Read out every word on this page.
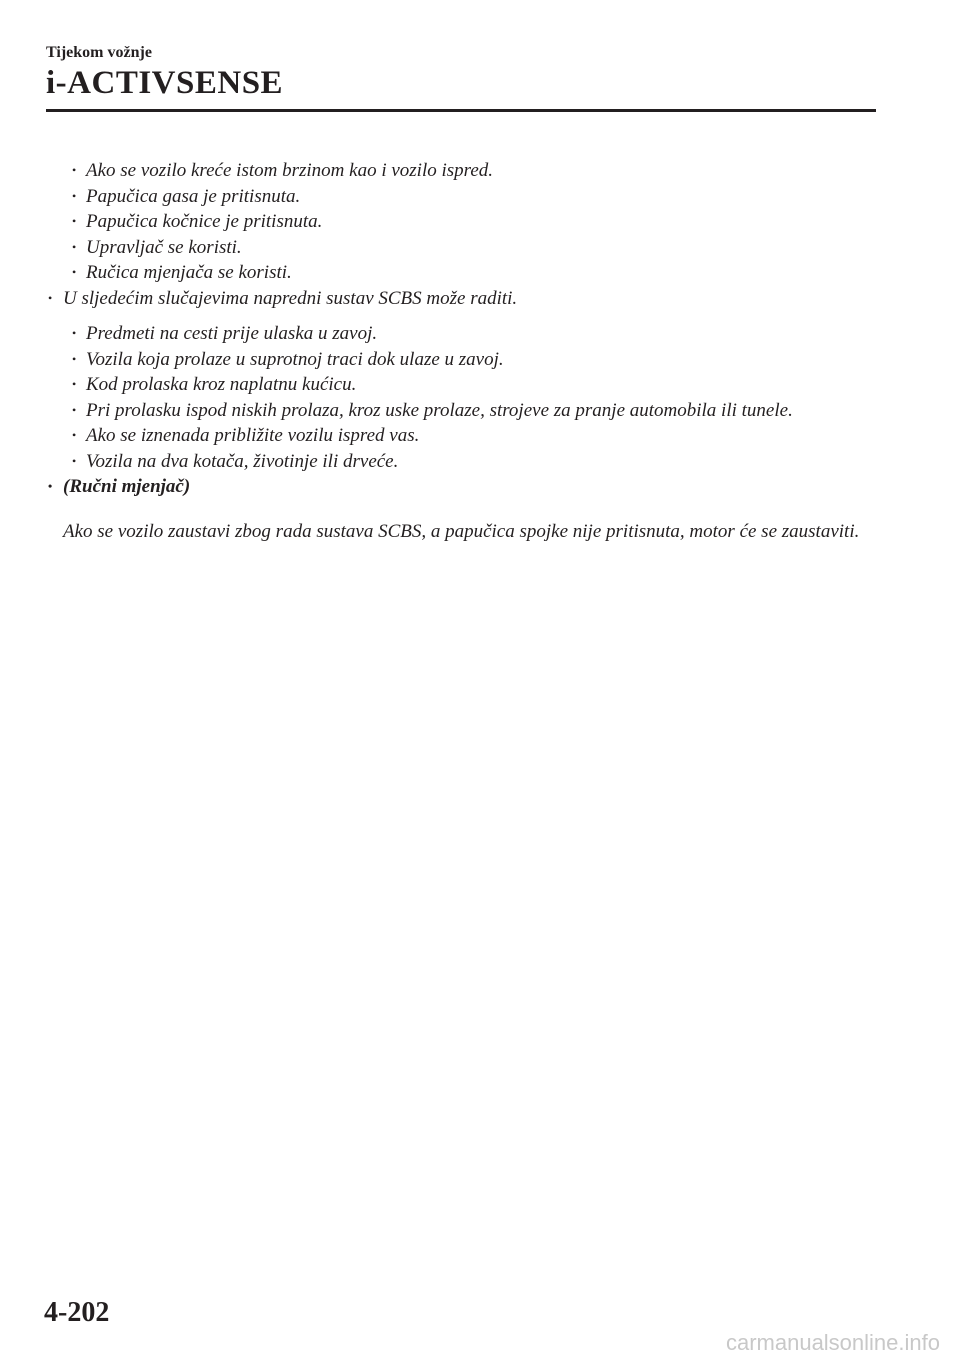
Tijekom vožnje

i-ACTIVSENSE

• Ako se vozilo kreće istom brzinom kao i vozilo ispred.

• Papučica gasa je pritisnuta.

• Papučica kočnice je pritisnuta.

• Upravljač se koristi.

• Ručica mjenjača se koristi.

• U sljedećim slučajevima napredni sustav SCBS može raditi.

• Predmeti na cesti prije ulaska u zavoj.

• Vozila koja prolaze u suprotnoj traci dok ulaze u zavoj.

• Kod prolaska kroz naplatnu kućicu.

• Pri prolasku ispod niskih prolaza, kroz uske prolaze, strojeve za pranje automobila ili tunele.

• Ako se iznenada približite vozilu ispred vas.

• Vozila na dva kotača, životinje ili drveće.

• (Ručni mjenjač)

Ako se vozilo zaustavi zbog rada sustava SCBS, a papučica spojke nije pritisnuta, motor će se zaustaviti.

4-202
carmanualsonline.info
